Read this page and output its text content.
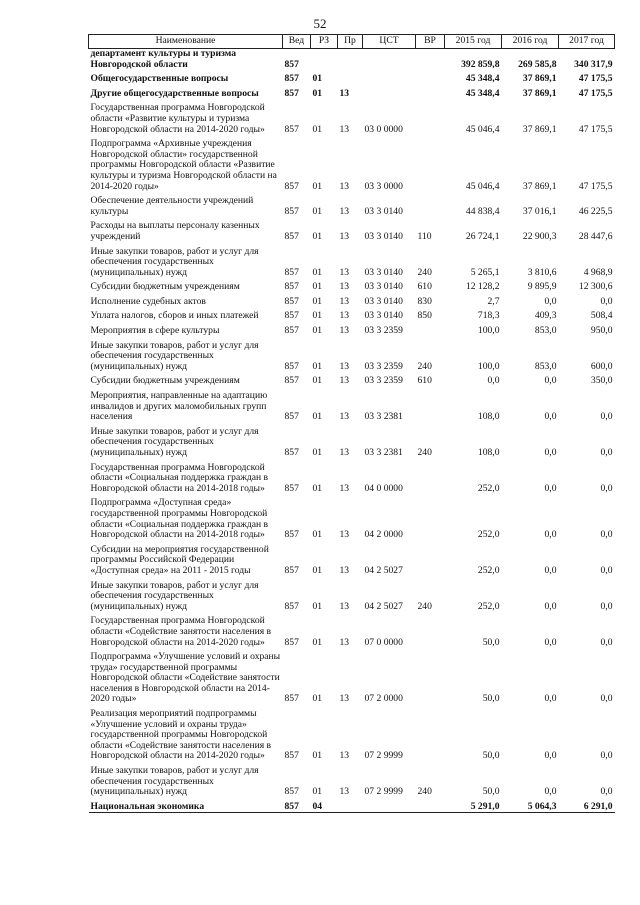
52
Наименование	Вед	РЗ	Пр	ЦСТ	ВР	2015 год	2016 год	2017 год
департамент культуры и туризма Новгородской области	857					392 859,8	269 585,8	340 317,9
Общегосударственные вопросы	857	01				45 348,4	37 869,1	47 175,5
Другие общегосударственные вопросы	857	01	13			45 348,4	37 869,1	47 175,5
Государственная программа Новгородской области «Развитие культуры и туризма Новгородской области на 2014-2020 годы»	857	01	13	03 0 0000		45 046,4	37 869,1	47 175,5
Подпрограмма «Архивные учреждения Новгородской области» государственной программы Новгородской области «Развитие культуры и туризма Новгородской области на 2014-2020 годы»	857	01	13	03 3 0000		45 046,4	37 869,1	47 175,5
Обеспечение деятельности учреждений культуры	857	01	13	03 3 0140		44 838,4	37 016,1	46 225,5
Расходы на выплаты персоналу казенных учреждений	857	01	13	03 3 0140	110	26 724,1	22 900,3	28 447,6
Иные закупки товаров, работ и услуг для обеспечения государственных (муниципальных) нужд	857	01	13	03 3 0140	240	5 265,1	3 810,6	4 968,9
Субсидии бюджетным учреждениям	857	01	13	03 3 0140	610	12 128,2	9 895,9	12 300,6
Исполнение судебных актов	857	01	13	03 3 0140	830	2,7	0,0	0,0
Уплата налогов, сборов и иных платежей	857	01	13	03 3 0140	850	718,3	409,3	508,4
Мероприятия в сфере культуры	857	01	13	03 3 2359		100,0	853,0	950,0
Иные закупки товаров, работ и услуг для обеспечения государственных (муниципальных) нужд	857	01	13	03 3 2359	240	100,0	853,0	600,0
Субсидии бюджетным учреждениям	857	01	13	03 3 2359	610	0,0	0,0	350,0
Мероприятия, направленные на адаптацию инвалидов и других маломобильных групп населения	857	01	13	03 3 2381		108,0	0,0	0,0
Иные закупки товаров, работ и услуг для обеспечения государственных (муниципальных) нужд	857	01	13	03 3 2381	240	108,0	0,0	0,0
Государственная программа Новгородской области «Социальная поддержка граждан в Новгородской области на 2014-2018 годы»	857	01	13	04 0 0000		252,0	0,0	0,0
Подпрограмма «Доступная среда» государственной программы Новгородской области «Социальная поддержка граждан в Новгородской области на 2014-2018 годы»	857	01	13	04 2 0000		252,0	0,0	0,0
Субсидии на мероприятия государственной программы Российской Федерации «Доступная среда» на 2011 - 2015 годы	857	01	13	04 2 5027		252,0	0,0	0,0
Иные закупки товаров, работ и услуг для обеспечения государственных (муниципальных) нужд	857	01	13	04 2 5027	240	252,0	0,0	0,0
Государственная программа Новгородской области «Содействие занятости населения в Новгородской области на 2014-2020 годы»	857	01	13	07 0 0000		50,0	0,0	0,0
Подпрограмма «Улучшение условий и охраны труда» государственной программы Новгородской области «Содействие занятости населения в Новгородской области на 2014-2020 годы»	857	01	13	07 2 0000		50,0	0,0	0,0
Реализация мероприятий подпрограммы «Улучшение условий и охраны труда» государственной программы Новгородской области «Содействие занятости населения в Новгородской области на 2014-2020 годы»	857	01	13	07 2 9999		50,0	0,0	0,0
Иные закупки товаров, работ и услуг для обеспечения государственных (муниципальных) нужд	857	01	13	07 2 9999	240	50,0	0,0	0,0
Национальная экономика	857	04				5 291,0	5 064,3	6 291,0
